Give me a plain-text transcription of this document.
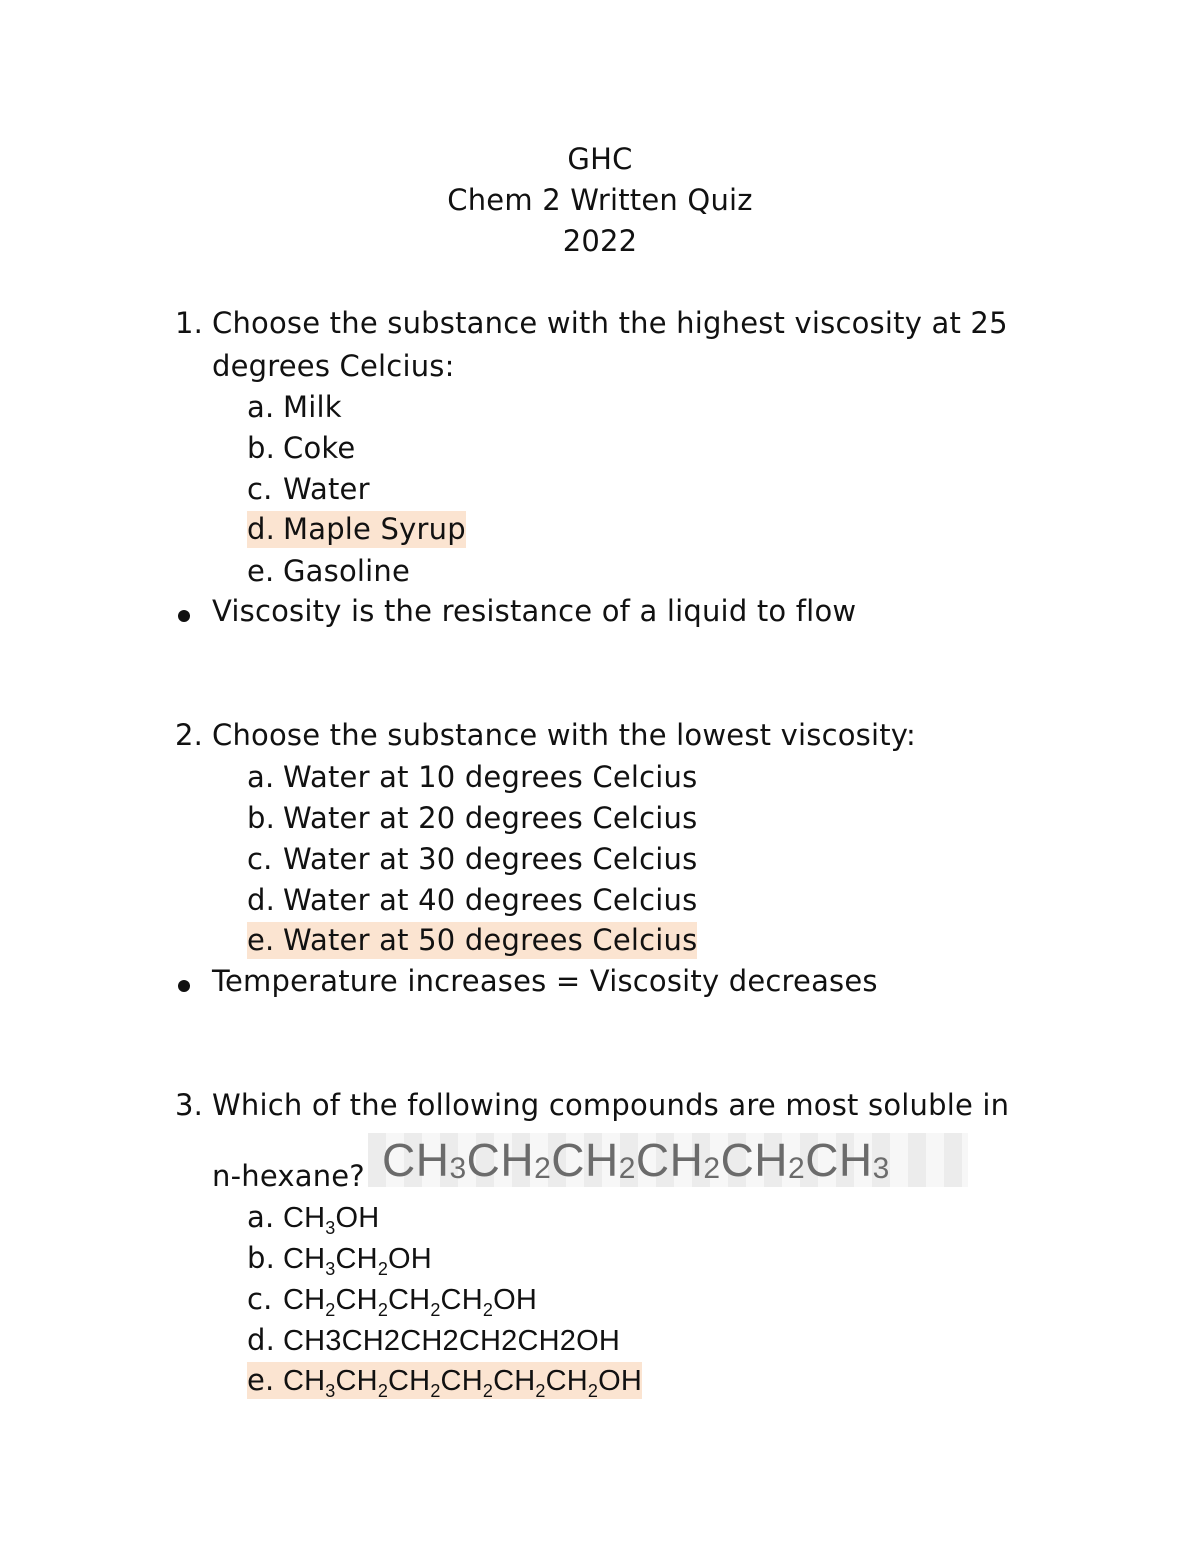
GHC
Chem 2 Written Quiz
2022
1. Choose the substance with the highest viscosity at 25
degrees Celcius:
a. Milk
b. Coke
c. Water
d. Maple Syrup
e. Gasoline
Viscosity is the resistance of a liquid to flow
2. Choose the substance with the lowest viscosity:
a. Water at 10 degrees Celcius
b. Water at 20 degrees Celcius
c. Water at 30 degrees Celcius
d. Water at 40 degrees Celcius
e. Water at 50 degrees Celcius
Temperature increases = Viscosity decreases
3. Which of the following compounds are most soluble in
$CH_3CH_2CH_2CH_2CH_2CH_3$
n-hexane?
a. $CH_3OH$
b. $CH_3CH_2OH$
c. $CH_2CH_2CH_2CH_2OH$
d. CH3CH2CH2CH2CH2OH
e. $CH_3CH_2CH_2CH_2CH_2CH_2OH$
